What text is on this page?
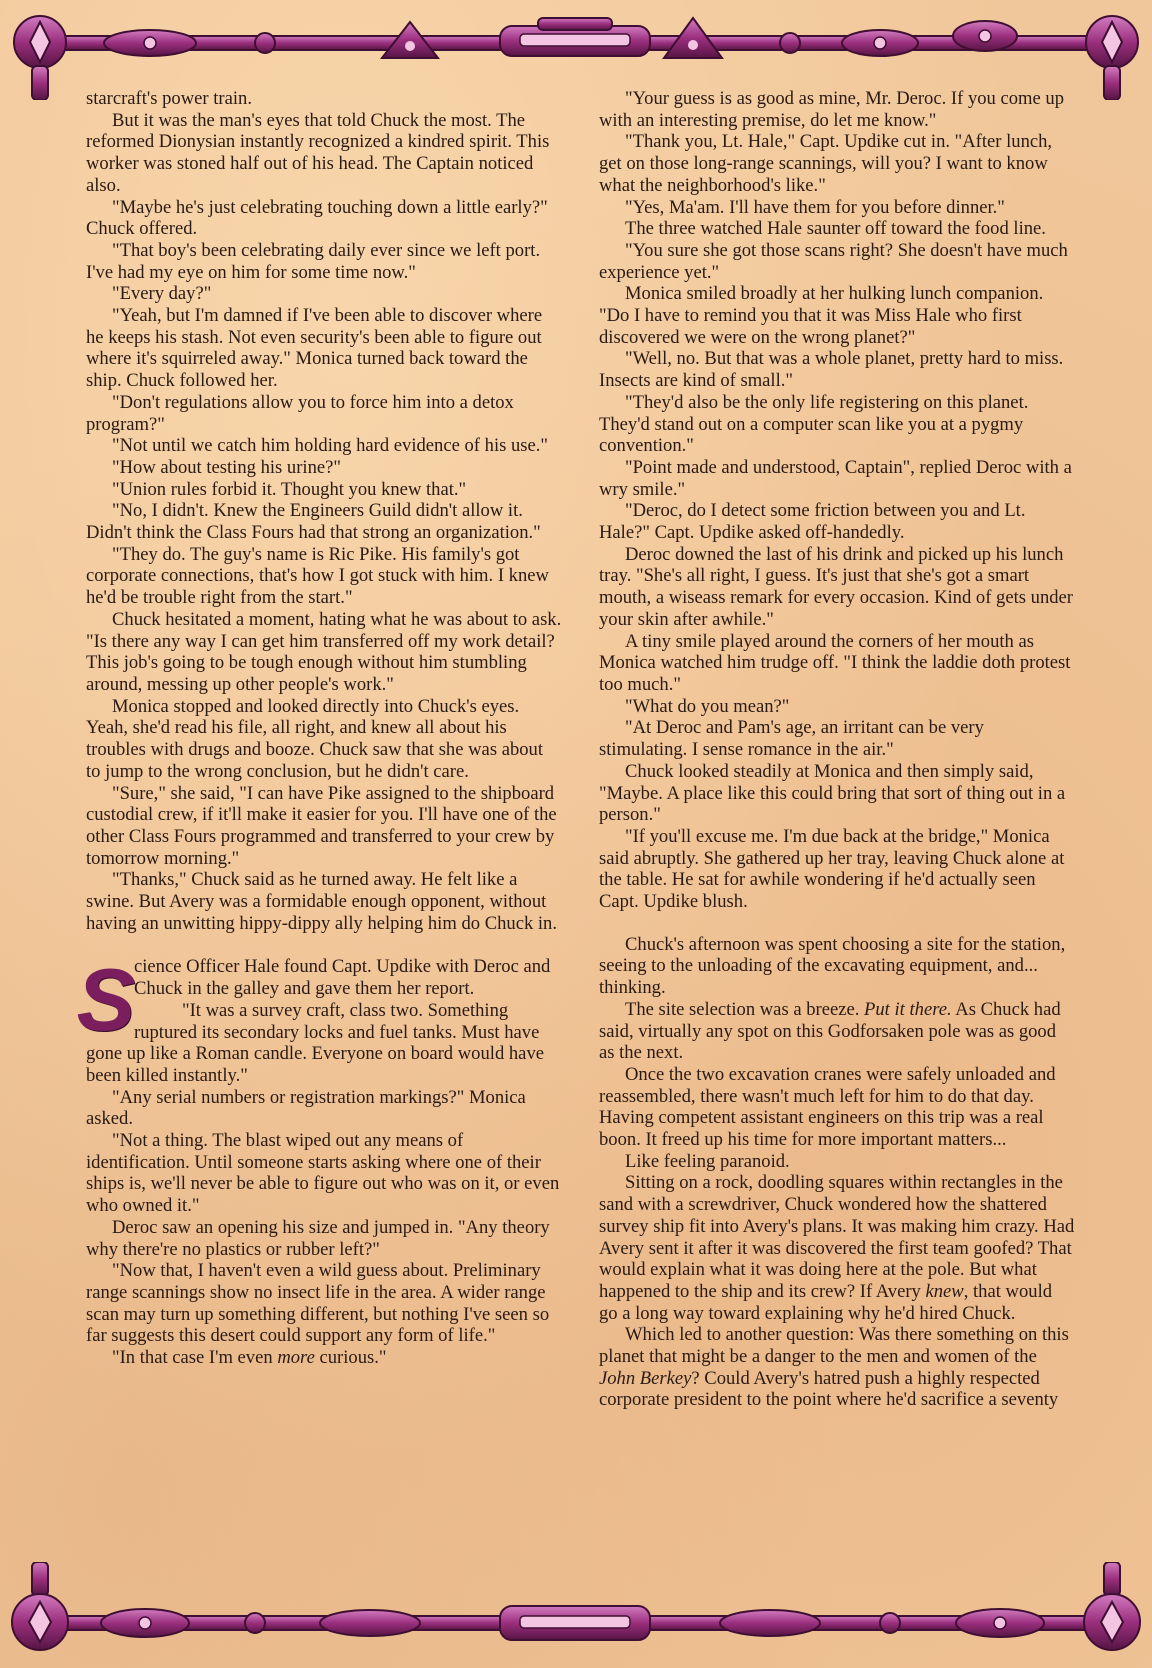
starcraft's power train.

But it was the man's eyes that told Chuck the most. The reformed Dionysian instantly recognized a kindred spirit. This worker was stoned half out of his head. The Captain noticed also.

"Maybe he's just celebrating touching down a little early?" Chuck offered.

"That boy's been celebrating daily ever since we left port. I've had my eye on him for some time now."

"Every day?"

"Yeah, but I'm damned if I've been able to discover where he keeps his stash. Not even security's been able to figure out where it's squirreled away." Monica turned back toward the ship. Chuck followed her.

"Don't regulations allow you to force him into a detox program?"

"Not until we catch him holding hard evidence of his use."

"How about testing his urine?"

"Union rules forbid it. Thought you knew that."

"No, I didn't. Knew the Engineers Guild didn't allow it. Didn't think the Class Fours had that strong an organization."

"They do. The guy's name is Ric Pike. His family's got corporate connections, that's how I got stuck with him. I knew he'd be trouble right from the start."

Chuck hesitated a moment, hating what he was about to ask. "Is there any way I can get him transferred off my work detail? This job's going to be tough enough without him stumbling around, messing up other people's work."

Monica stopped and looked directly into Chuck's eyes. Yeah, she'd read his file, all right, and knew all about his troubles with drugs and booze. Chuck saw that she was about to jump to the wrong conclusion, but he didn't care.

"Sure," she said, "I can have Pike assigned to the shipboard custodial crew, if it'll make it easier for you. I'll have one of the other Class Fours programmed and transferred to your crew by tomorrow morning."

"Thanks," Chuck said as he turned away. He felt like a swine. But Avery was a formidable enough opponent, without having an unwitting hippy-dippy ally helping him do Chuck in.

S
cience Officer Hale found Capt. Updike with Deroc and Chuck in the galley and gave them her report.

"It was a survey craft, class two. Something ruptured its secondary locks and fuel tanks. Must have gone up like a Roman candle. Everyone on board would have been killed instantly."

"Any serial numbers or registration markings?" Monica asked.

"Not a thing. The blast wiped out any means of identification. Until someone starts asking where one of their ships is, we'll never be able to figure out who was on it, or even who owned it."

Deroc saw an opening his size and jumped in. "Any theory why there're no plastics or rubber left?"

"Now that, I haven't even a wild guess about. Preliminary range scannings show no insect life in the area. A wider range scan may turn up something different, but nothing I've seen so far suggests this desert could support any form of life."

"In that case I'm even more curious."

"Your guess is as good as mine, Mr. Deroc. If you come up with an interesting premise, do let me know."

"Thank you, Lt. Hale," Capt. Updike cut in. "After lunch, get on those long-range scannings, will you? I want to know what the neighborhood's like."

"Yes, Ma'am. I'll have them for you before dinner."

The three watched Hale saunter off toward the food line.

"You sure she got those scans right? She doesn't have much experience yet."

Monica smiled broadly at her hulking lunch companion. "Do I have to remind you that it was Miss Hale who first discovered we were on the wrong planet?"

"Well, no. But that was a whole planet, pretty hard to miss. Insects are kind of small."

"They'd also be the only life registering on this planet. They'd stand out on a computer scan like you at a pygmy convention."

"Point made and understood, Captain", replied Deroc with a wry smile."

"Deroc, do I detect some friction between you and Lt. Hale?" Capt. Updike asked off-handedly.

Deroc downed the last of his drink and picked up his lunch tray. "She's all right, I guess. It's just that she's got a smart mouth, a wiseass remark for every occasion. Kind of gets under your skin after awhile."

A tiny smile played around the corners of her mouth as Monica watched him trudge off. "I think the laddie doth protest too much."

"What do you mean?"

"At Deroc and Pam's age, an irritant can be very stimulating. I sense romance in the air."

Chuck looked steadily at Monica and then simply said, "Maybe. A place like this could bring that sort of thing out in a person."

"If you'll excuse me. I'm due back at the bridge," Monica said abruptly. She gathered up her tray, leaving Chuck alone at the table. He sat for awhile wondering if he'd actually seen Capt. Updike blush.

Chuck's afternoon was spent choosing a site for the station, seeing to the unloading of the excavating equipment, and... thinking.

The site selection was a breeze. Put it there. As Chuck had said, virtually any spot on this Godforsaken pole was as good as the next.

Once the two excavation cranes were safely unloaded and reassembled, there wasn't much left for him to do that day. Having competent assistant engineers on this trip was a real boon. It freed up his time for more important matters...

Like feeling paranoid.

Sitting on a rock, doodling squares within rectangles in the sand with a screwdriver, Chuck wondered how the shattered survey ship fit into Avery's plans. It was making him crazy. Had Avery sent it after it was discovered the first team goofed? That would explain what it was doing here at the pole. But what happened to the ship and its crew? If Avery knew, that would go a long way toward explaining why he'd hired Chuck.

Which led to another question: Was there something on this planet that might be a danger to the men and women of the John Berkey? Could Avery's hatred push a highly respected corporate president to the point where he'd sacrifice a seventy
